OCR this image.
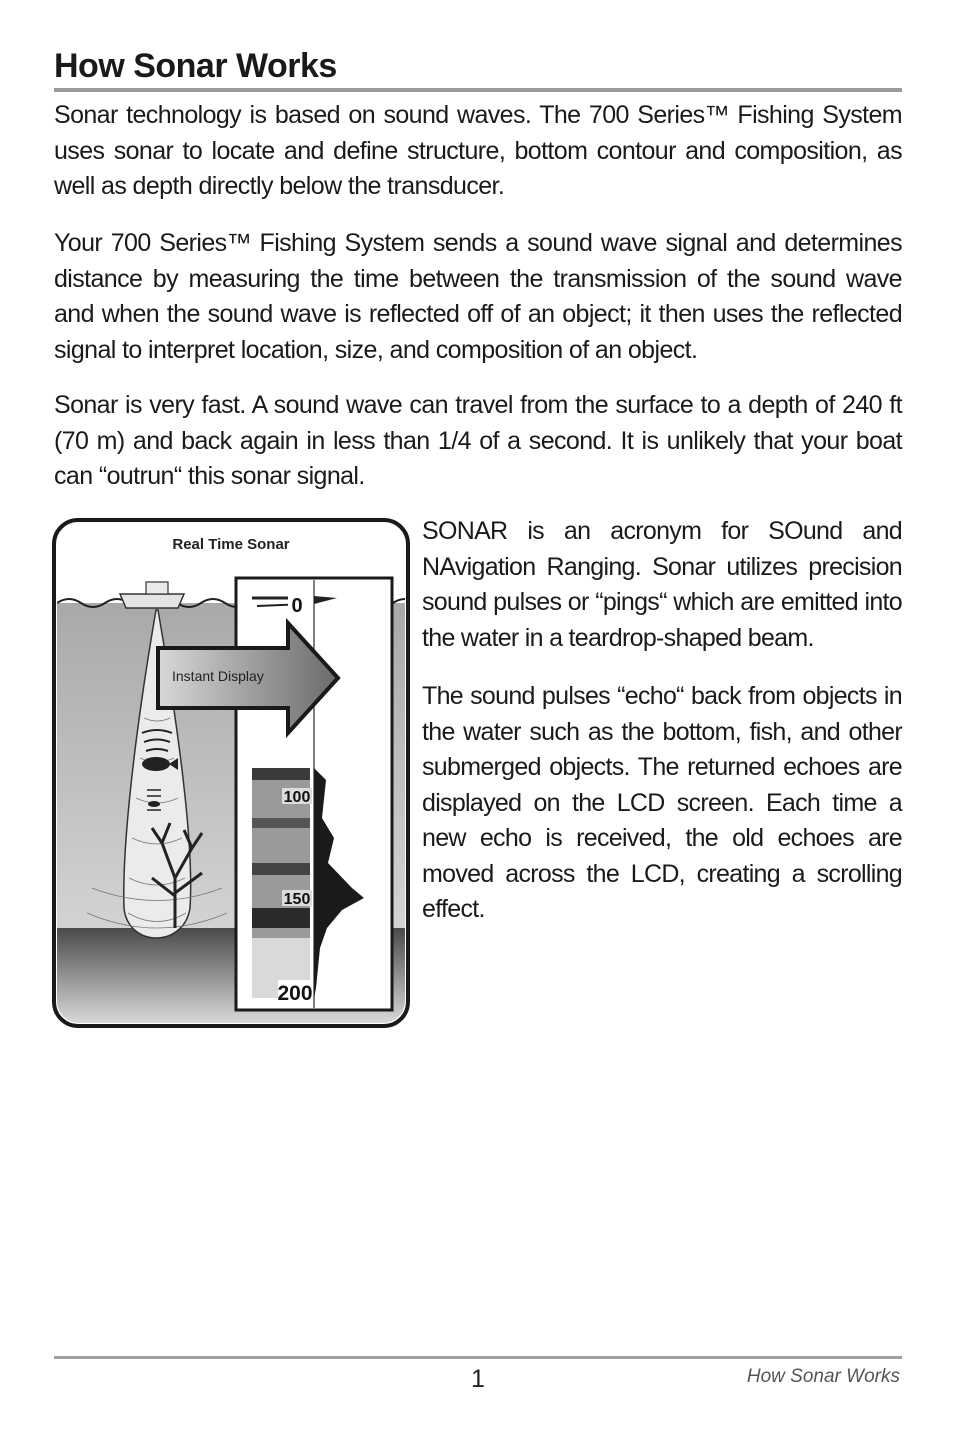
How Sonar Works

Sonar technology is based on sound waves. The 700 Series™ Fishing System uses sonar to locate and define structure, bottom contour and composition, as well as depth directly below the transducer.

Your 700 Series™ Fishing System sends a sound wave signal and determines distance by measuring the time between the transmission of the sound wave and when the sound wave is reflected off of an object; it then uses the reflected signal to interpret location, size, and composition of an object.

Sonar is very fast. A sound wave can travel from the surface to a depth of 240 ft (70 m) and back again in less than 1/4 of a second. It is unlikely that your boat can “outrun“ this sonar signal.

Instant Display
Real Time Sonar
0
100
150
200

SONAR is an acronym for SOund and NAvigation Ranging. Sonar utilizes precision sound pulses or “pings“ which are emitted into the water in a teardrop-shaped beam.

The sound pulses “echo“ back from objects in the water such as the bottom, fish, and other submerged objects. The returned echoes are displayed on the LCD screen. Each time a new echo is received, the old echoes are moved across the LCD, creating a scrolling effect.

1	How Sonar Works
